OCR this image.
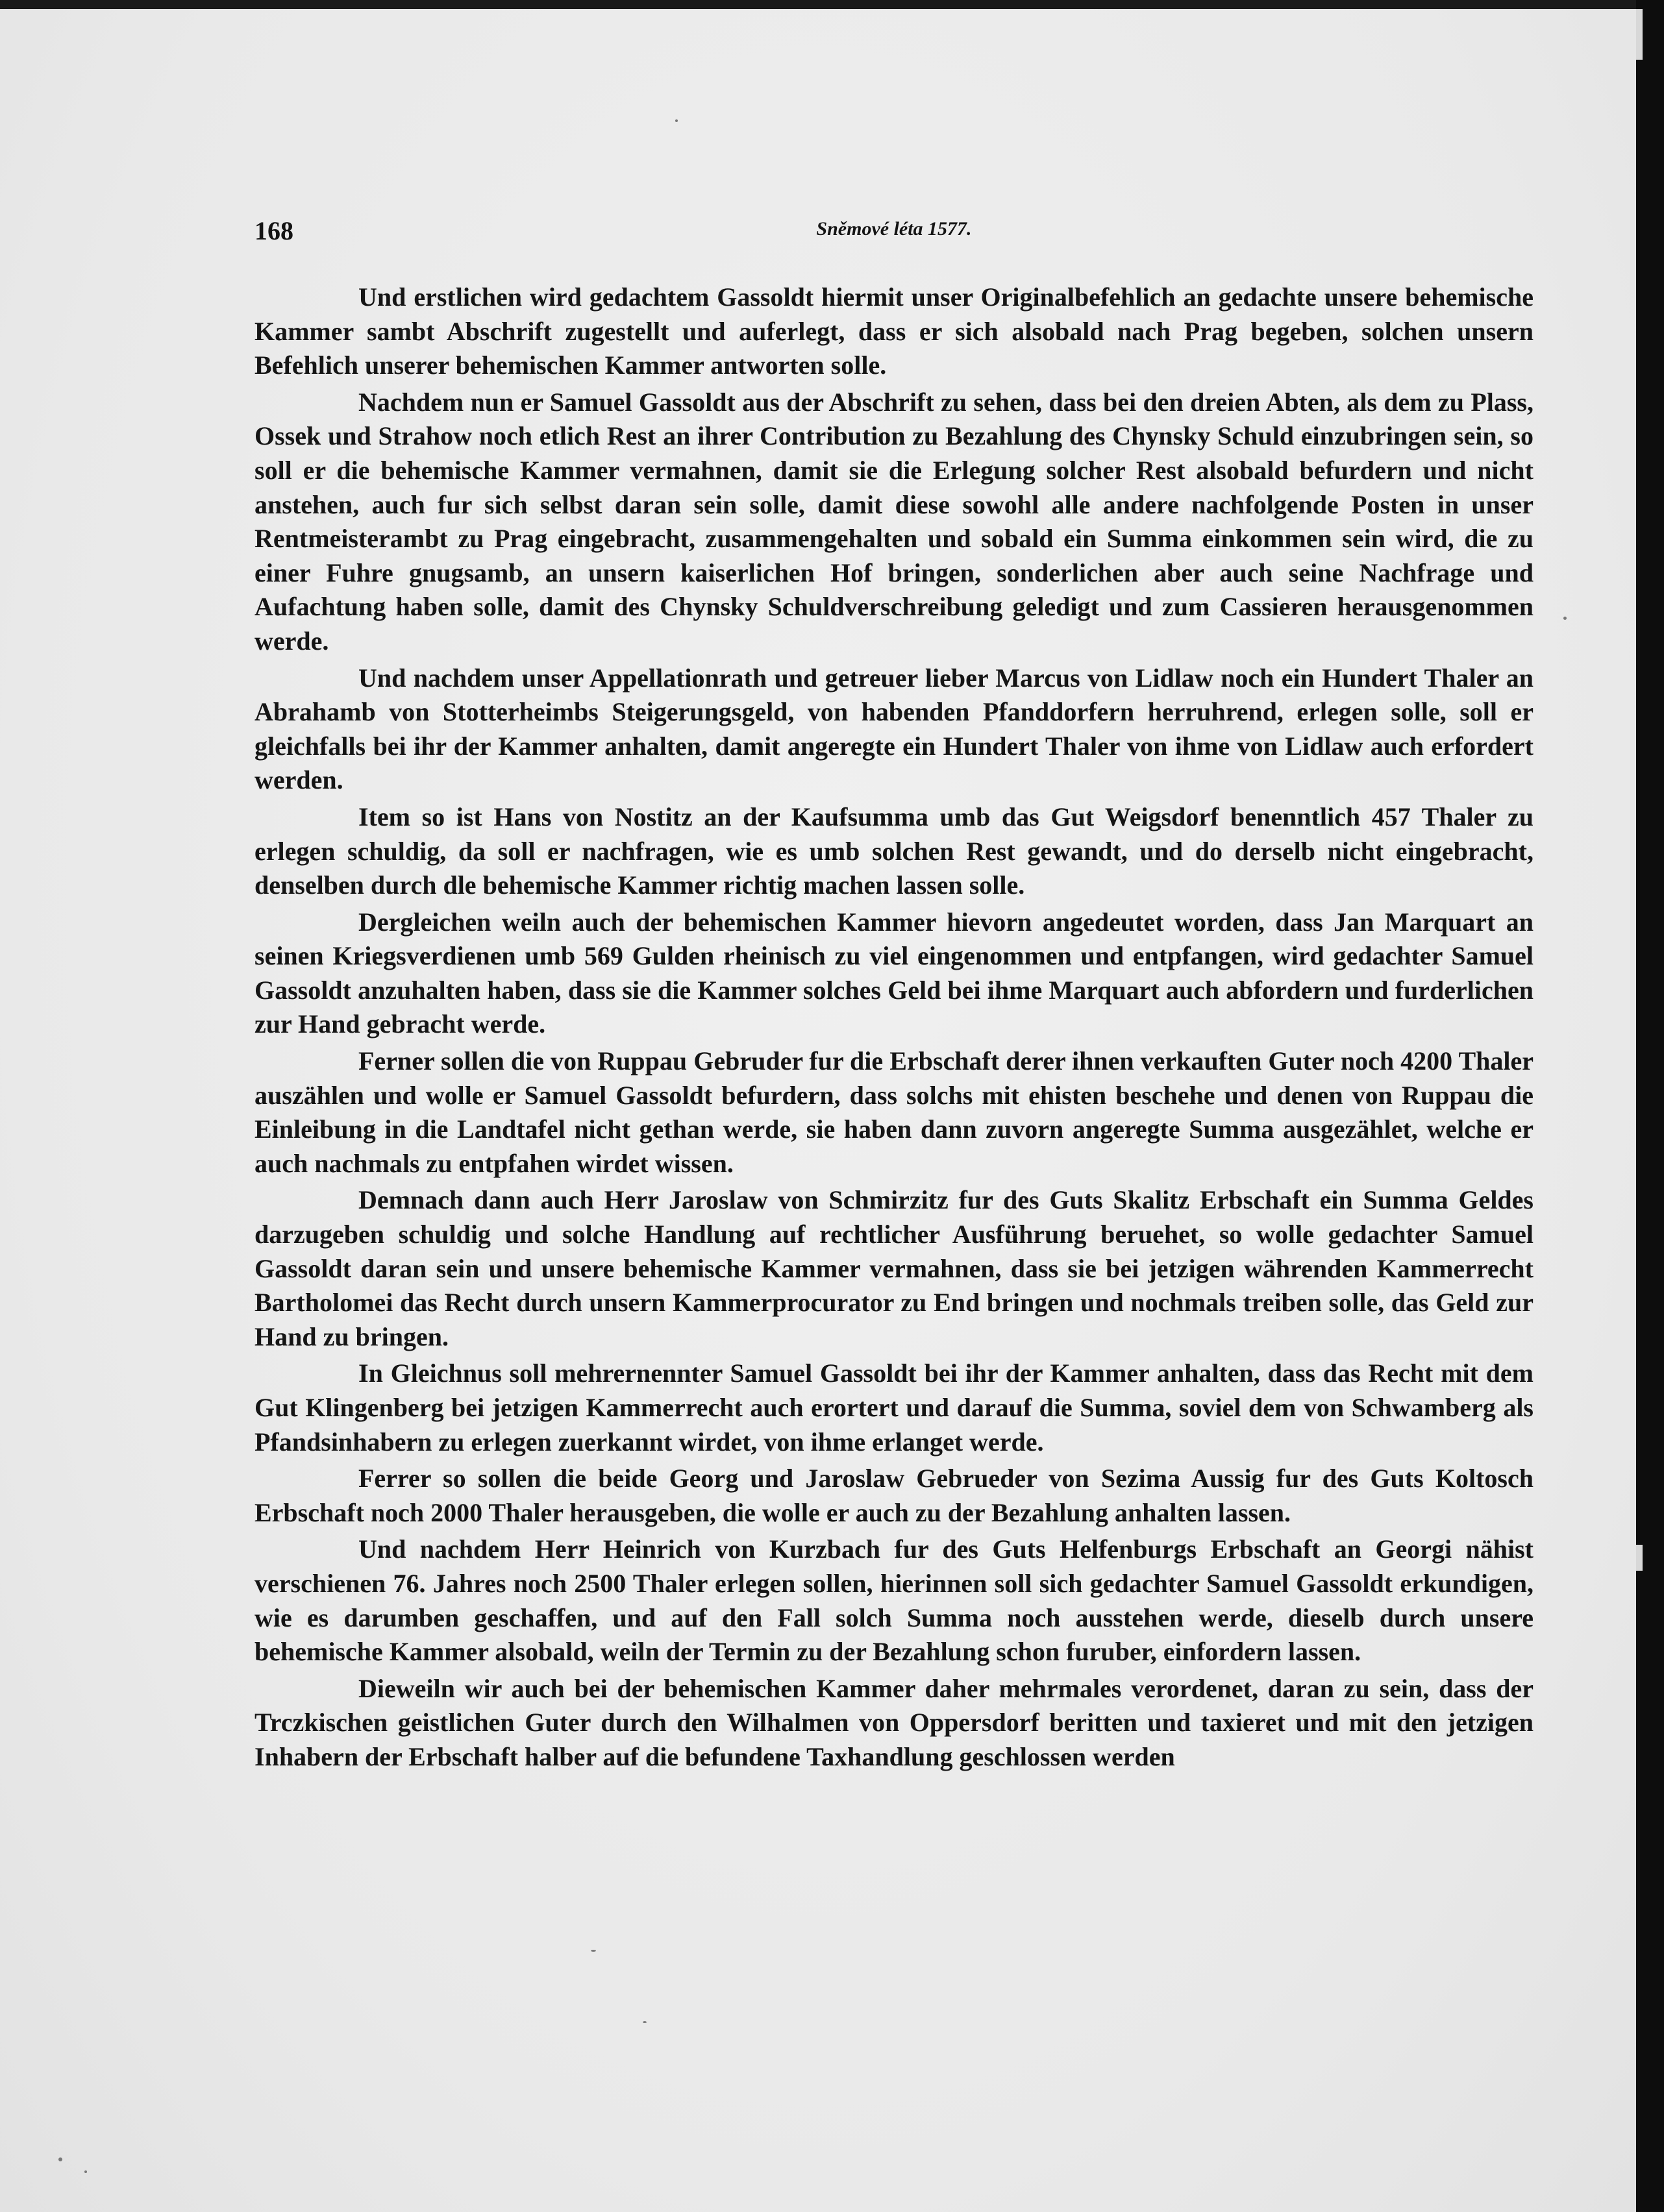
168	Sněmové léta 1577.

Und erstlichen wird gedachtem Gassoldt hiermit unser Originalbefehlich an gedachte unsere behemische Kammer sambt Abschrift zugestellt und auferlegt, dass er sich alsobald nach Prag begeben, solchen unsern Befehlich unserer behemischen Kammer antworten solle.

Nachdem nun er Samuel Gassoldt aus der Abschrift zu sehen, dass bei den dreien Abten, als dem zu Plass, Ossek und Strahow noch etlich Rest an ihrer Contribution zu Bezahlung des Chynsky Schuld einzubringen sein, so soll er die behemische Kammer vermahnen, damit sie die Erlegung solcher Rest alsobald befurdern und nicht anstehen, auch fur sich selbst daran sein solle, damit diese sowohl alle andere nachfolgende Posten in unser Rentmeisterambt zu Prag eingebracht, zusammengehalten und sobald ein Summa einkommen sein wird, die zu einer Fuhre gnugsamb, an unsern kaiserlichen Hof bringen, sonderlichen aber auch seine Nachfrage und Aufachtung haben solle, damit des Chynsky Schuldverschreibung geledigt und zum Cassieren herausgenommen werde.

Und nachdem unser Appellationrath und getreuer lieber Marcus von Lidlaw noch ein Hundert Thaler an Abrahamb von Stotterheimbs Steigerungsgeld, von habenden Pfanddorfern herruhrend, erlegen solle, soll er gleichfalls bei ihr der Kammer anhalten, damit angeregte ein Hundert Thaler von ihme von Lidlaw auch erfordert werden.

Item so ist Hans von Nostitz an der Kaufsumma umb das Gut Weigsdorf benenntlich 457 Thaler zu erlegen schuldig, da soll er nachfragen, wie es umb solchen Rest gewandt, und do derselb nicht eingebracht, denselben durch dle behemische Kammer richtig machen lassen solle.

Dergleichen weiln auch der behemischen Kammer hievorn angedeutet worden, dass Jan Marquart an seinen Kriegsverdienen umb 569 Gulden rheinisch zu viel eingenommen und entpfangen, wird gedachter Samuel Gassoldt anzuhalten haben, dass sie die Kammer solches Geld bei ihme Marquart auch abfordern und furderlichen zur Hand gebracht werde.

Ferner sollen die von Ruppau Gebruder fur die Erbschaft derer ihnen verkauften Guter noch 4200 Thaler auszählen und wolle er Samuel Gassoldt befurdern, dass solchs mit ehisten beschehe und denen von Ruppau die Einleibung in die Landtafel nicht gethan werde, sie haben dann zuvorn angeregte Summa ausgezählet, welche er auch nachmals zu entpfahen wirdet wissen.

Demnach dann auch Herr Jaroslaw von Schmirzitz fur des Guts Skalitz Erbschaft ein Summa Geldes darzugeben schuldig und solche Handlung auf rechtlicher Ausführung beruehet, so wolle gedachter Samuel Gassoldt daran sein und unsere behemische Kammer vermahnen, dass sie bei jetzigen währenden Kammerrecht Bartholomei das Recht durch unsern Kammerprocurator zu End bringen und nochmals treiben solle, das Geld zur Hand zu bringen.

In Gleichnus soll mehrernennter Samuel Gassoldt bei ihr der Kammer anhalten, dass das Recht mit dem Gut Klingenberg bei jetzigen Kammerrecht auch erortert und darauf die Summa, soviel dem von Schwamberg als Pfandsinhabern zu erlegen zuerkannt wirdet, von ihme erlanget werde.

Ferrer so sollen die beide Georg und Jaroslaw Gebrueder von Sezima Aussig fur des Guts Koltosch Erbschaft noch 2000 Thaler herausgeben, die wolle er auch zu der Bezahlung anhalten lassen.

Und nachdem Herr Heinrich von Kurzbach fur des Guts Helfenburgs Erbschaft an Georgi nähist verschienen 76. Jahres noch 2500 Thaler erlegen sollen, hierinnen soll sich gedachter Samuel Gassoldt erkundigen, wie es darumben geschaffen, und auf den Fall solch Summa noch ausstehen werde, dieselb durch unsere behemische Kammer alsobald, weiln der Termin zu der Bezahlung schon furuber, einfordern lassen.

Dieweiln wir auch bei der behemischen Kammer daher mehrmales verordenet, daran zu sein, dass der Trczkischen geistlichen Guter durch den Wilhalmen von Oppersdorf beritten und taxieret und mit den jetzigen Inhabern der Erbschaft halber auf die befundene Taxhandlung geschlossen werden
